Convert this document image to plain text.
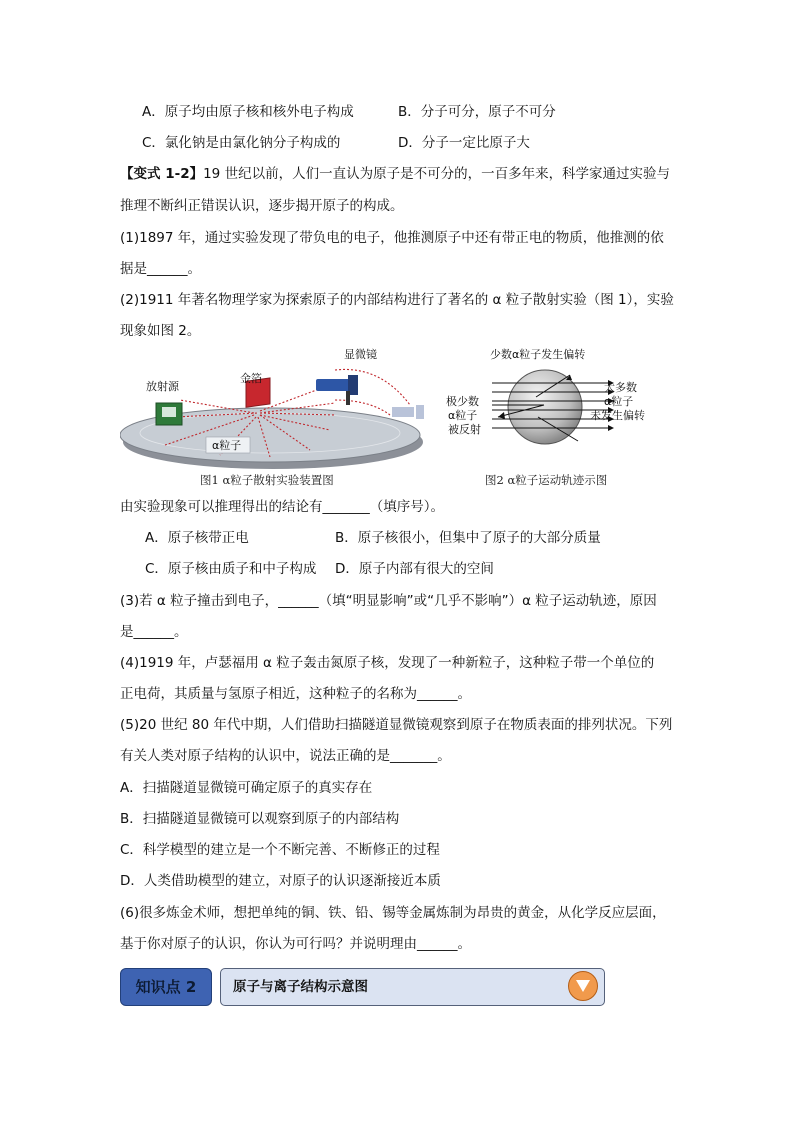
A．原子均由原子核和核外电子构成	B．分子可分，原子不可分
C．氯化钠是由氯化钠分子构成的	D．分子一定比原子大
【变式 1-2】19 世纪以前，人们一直认为原子是不可分的，一百多年来，科学家通过实验与
推理不断纠正错误认识，逐步揭开原子的构成。
(1)1897 年，通过实验发现了带负电的电子，他推测原子中还有带正电的物质，他推测的依
据是______。
(2)1911 年著名物理学家为探索原子的内部结构进行了著名的 α 粒子散射实验（图 1），实验
现象如图 2。
显微镜
放射源
金箔
α粒子
图1 α粒子散射实验装置图
少数α粒子发生偏转
极少数
α粒子
被反射
大多数
α粒子
未发生偏转
图2 α粒子运动轨迹示图
由实验现象可以推理得出的结论有_______（填序号）。
A．原子核带正电	B．原子核很小，但集中了原子的大部分质量
C．原子核由质子和中子构成 D．原子内部有很大的空间
(3)若 α 粒子撞击到电子，______（填“明显影响”或“几乎不影响”）α 粒子运动轨迹，原因
是______。
(4)1919 年，卢瑟福用 α 粒子轰击氮原子核，发现了一种新粒子，这种粒子带一个单位的
正电荷，其质量与氢原子相近，这种粒子的名称为______。
(5)20 世纪 80 年代中期，人们借助扫描隧道显微镜观察到原子在物质表面的排列状况。下列
有关人类对原子结构的认识中，说法正确的是_______。
A．扫描隧道显微镜可确定原子的真实存在
B．扫描隧道显微镜可以观察到原子的内部结构
C．科学模型的建立是一个不断完善、不断修正的过程
D．人类借助模型的建立，对原子的认识逐渐接近本质
(6)很多炼金术师，想把单纯的铜、铁、铅、锡等金属炼制为昂贵的黄金，从化学反应层面，
基于你对原子的认识，你认为可行吗？并说明理由______。
知识点 2	原子与离子结构示意图
